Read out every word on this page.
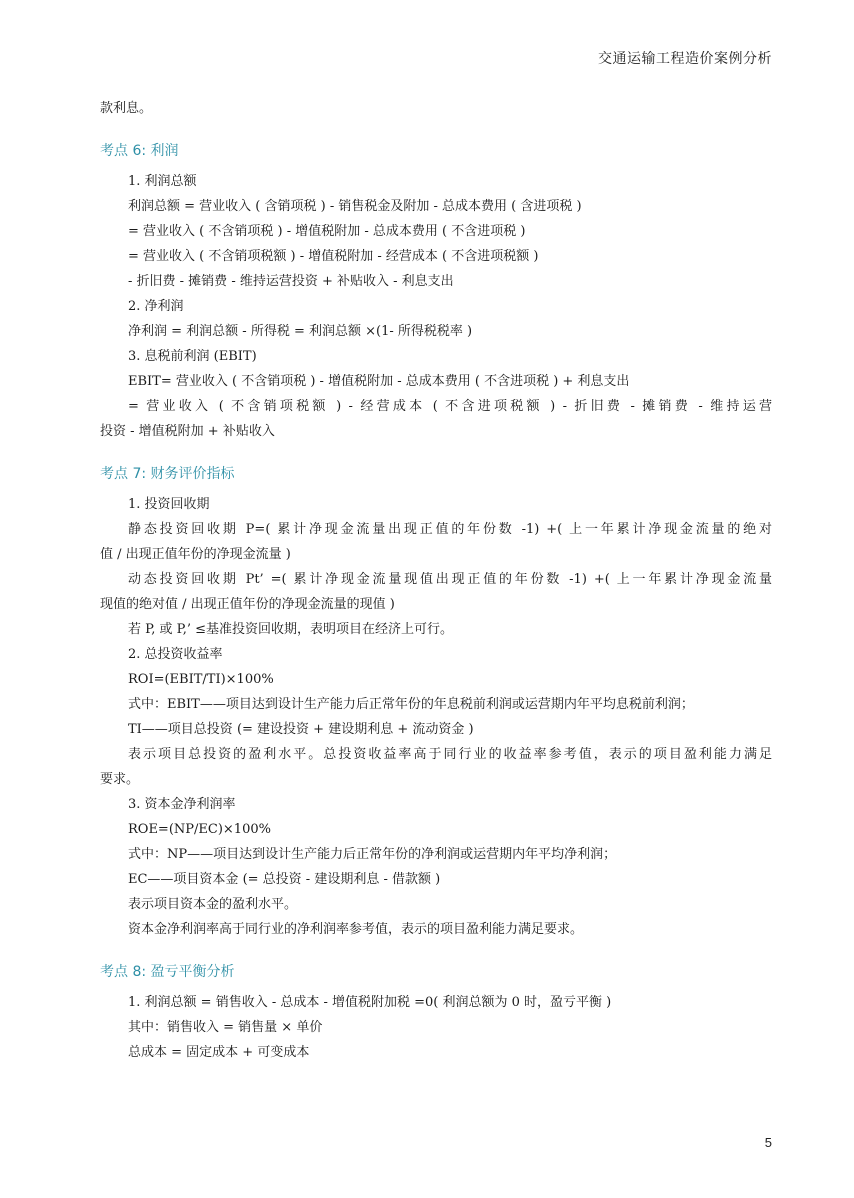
交通运输工程造价案例分析
款利息。
考点 6: 利润
1. 利润总额
利润总额 = 营业收入 ( 含销项税 ) - 销售税金及附加 - 总成本费用 ( 含进项税 )
= 营业收入 ( 不含销项税 ) - 增值税附加 - 总成本费用 ( 不含进项税 )
= 营业收入 ( 不含销项税额 ) - 增值税附加 - 经营成本 ( 不含进项税额 )
- 折旧费 - 摊销费 - 维持运营投资 + 补贴收入 - 利息支出
2. 净利润
净利润 = 利润总额 - 所得税 = 利润总额 ×(1- 所得税税率 )
3. 息税前利润 (EBIT)
EBIT= 营业收入 ( 不含销项税 ) - 增值税附加 - 总成本费用 ( 不含进项税 ) + 利息支出
= 营业收入 ( 不含销项税额 ) - 经营成本 ( 不含进项税额 ) - 折旧费 - 摊销费 - 维持运营
投资 - 增值税附加 + 补贴收入
考点 7: 财务评价指标
1. 投资回收期
静态投资回收期 P=( 累计净现金流量出现正值的年份数 -1) +( 上一年累计净现金流量的绝对
值 / 出现正值年份的净现金流量 )
动态投资回收期 Pt’ =( 累计净现金流量现值出现正值的年份数 -1) +( 上一年累计净现金流量
现值的绝对值 / 出现正值年份的净现金流量的现值 )
若 P, 或 P,’ ≤基准投资回收期，表明项目在经济上可行。
2. 总投资收益率
ROI=(EBIT/TI)×100%
式中：EBIT——项目达到设计生产能力后正常年份的年息税前利润或运营期内年平均息税前利润；
TI——项目总投资 (= 建设投资 + 建设期利息 + 流动资金 )
表示项目总投资的盈利水平。总投资收益率高于同行业的收益率参考值，表示的项目盈利能力满足
要求。
3. 资本金净利润率
ROE=(NP/EC)×100%
式中：NP——项目达到设计生产能力后正常年份的净利润或运营期内年平均净利润；
EC——项目资本金 (= 总投资 - 建设期利息 - 借款额 )
表示项目资本金的盈利水平。
资本金净利润率高于同行业的净利润率参考值，表示的项目盈利能力满足要求。
考点 8: 盈亏平衡分析
1. 利润总额 = 销售收入 - 总成本 - 增值税附加税 =0( 利润总额为 0 时，盈亏平衡 )
其中：销售收入 = 销售量 × 单价
总成本 = 固定成本 + 可变成本
5
